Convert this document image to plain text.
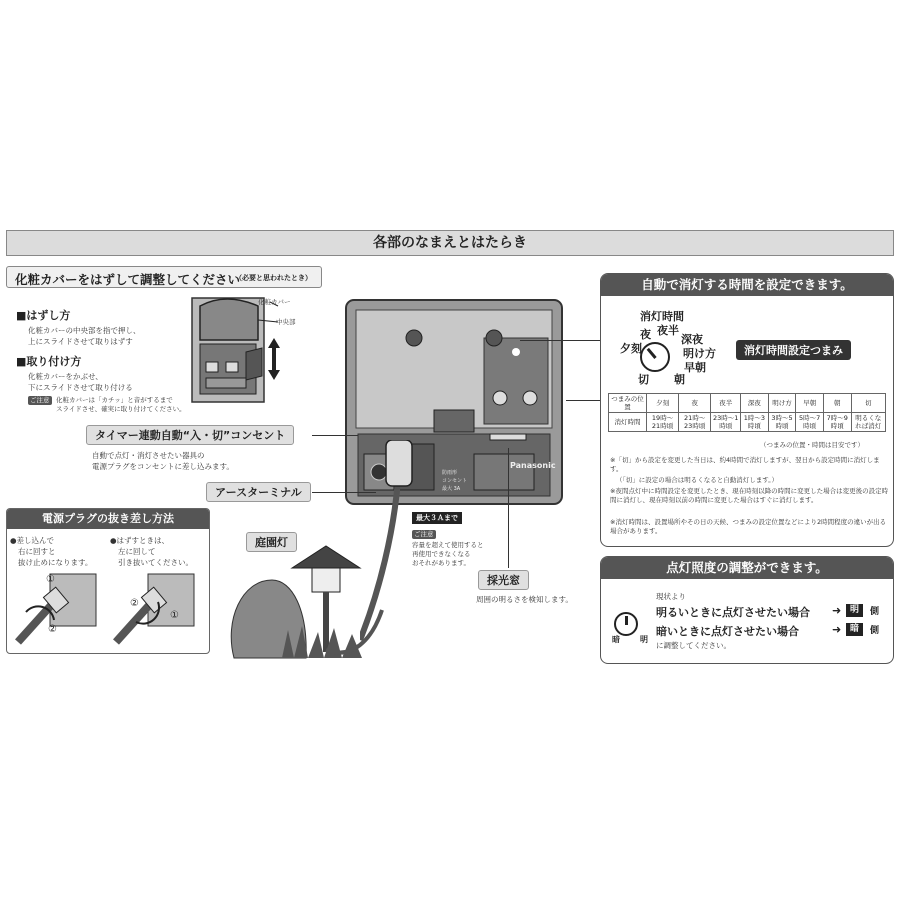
各部のなまえとはたらき
化粧カバーをはずして調整してください
（必要と思われたとき）
■はずし方
化粧カバーの中央部を指で押し、
上にスライドさせて取りはずす
■取り付け方
化粧カバーをかぶせ、
下にスライドさせて取り付ける
ご注意	化粧カバーは「カチッ」と音がするまで
スライドさせ、確実に取り付けてください。
化粧カバー
中央部
Panasonic
防雨形
コンセント
最大 3A
タイマー連動自動“入・切”コンセント
自動で点灯・消灯させたい器具の
電源プラグをコンセントに差し込みます。
アースターミナル
最大３Ａまで
ご注意
容量を超えて使用すると
再使用できなくなる
おそれがあります。
採光窓
周囲の明るさを検知します。
庭園灯
電源プラグの抜き差し方法
●差し込んで
右に回すと
抜け止めになります。
●はずすときは、
左に回して
引き抜いてください。
①
②
②
①
自動で消灯する時間を設定できます。
消灯時間
夜半
深夜
夜
明け方
夕刻
早朝
切 朝
消灯時間設定つまみ
つまみの位置	夕刻	夜	夜半	深夜	明け方	早朝	朝	切
消灯時間	19時〜21時頃	21時〜23時頃	23時〜1時頃	1時〜3時頃	3時〜5時頃	5時〜7時頃	7時〜9時頃	明るくなれば消灯
（つまみの位置・時間は目安です）
※「切」から設定を変更した当日は、約4時間で消灯しますが、翌日から設定時間に消灯します。
（「切」に設定の場合は明るくなると自動消灯します。）
※夜間点灯中に時間設定を変更したとき、現在時刻以降の時間に変更した場合は変更後の設定時間に消灯し、現在時刻以前の時間に変更した場合はすぐに消灯します。
※消灯時間は、設置場所やその日の天候、つまみの設定位置などにより2時間程度の違いが出る場合があります。
点灯照度の調整ができます。
暗	明
現状より
明るいときに点灯させたい場合 ➜ 明	側
暗いときに点灯させたい場合	➜ 暗	側
に調整してください。
